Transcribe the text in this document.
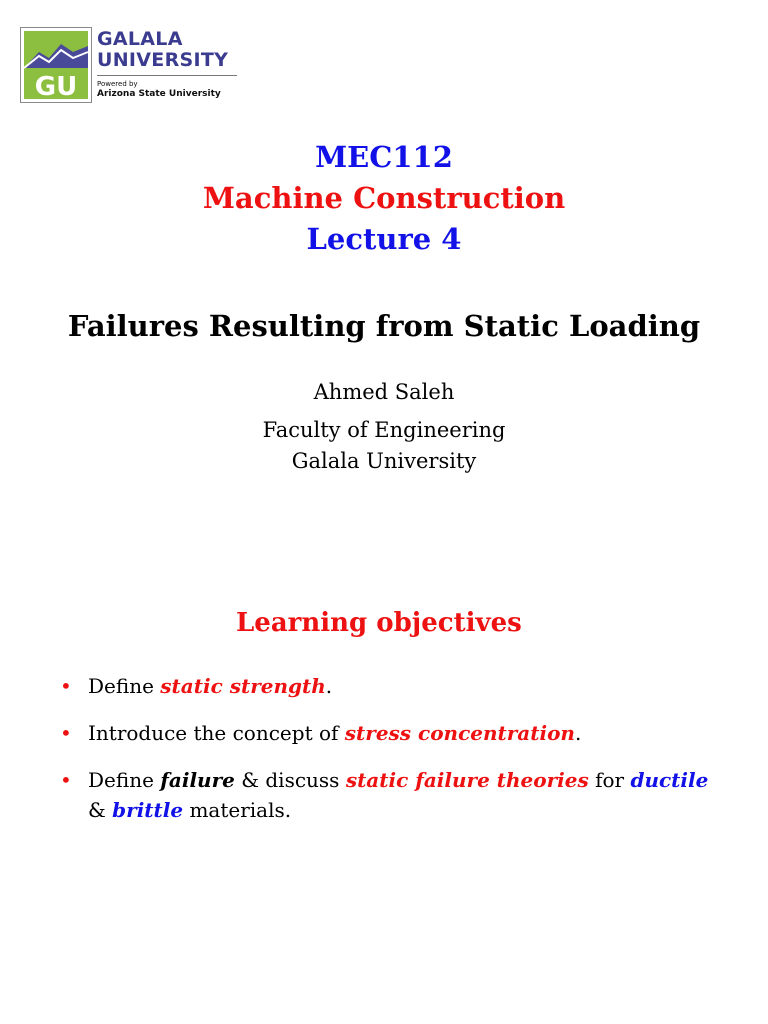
GU
GALALA
UNIVERSITY
Powered by
Arizona State University
MEC112
Machine Construction
Lecture 4
Failures Resulting from Static Loading
Ahmed Saleh
Faculty of Engineering
Galala University
Learning objectives
• Define static strength.
• Introduce the concept of stress concentration.
• Define failure & discuss static failure theories for ductile & brittle materials.
